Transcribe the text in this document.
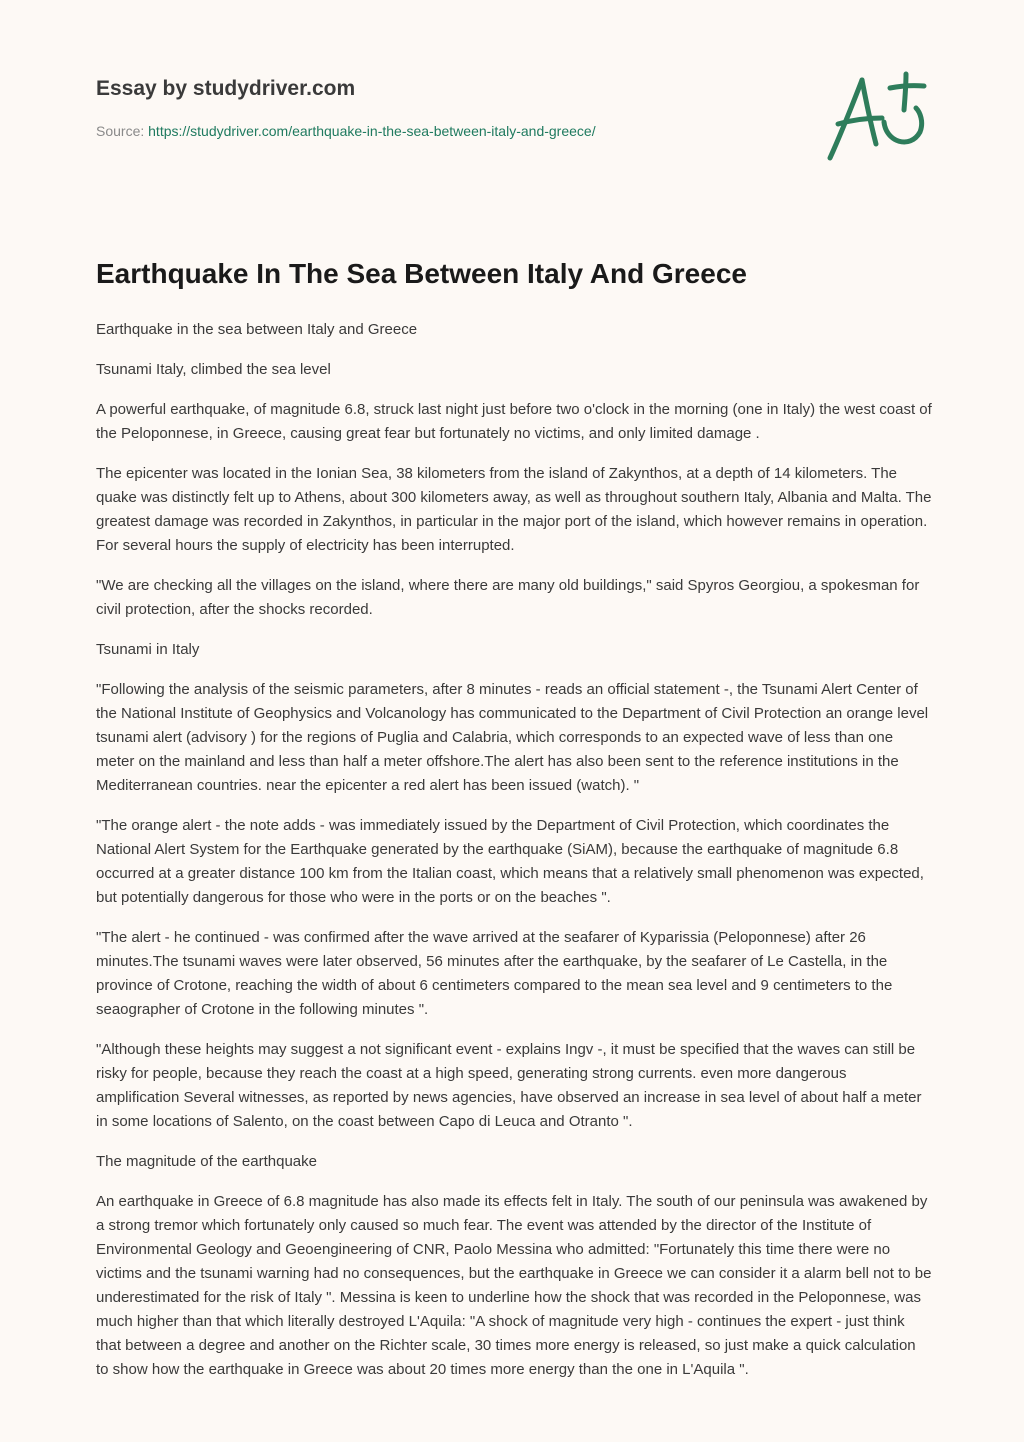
Essay by studydriver.com

Source: https://studydriver.com/earthquake-in-the-sea-between-italy-and-greece/
Earthquake In The Sea Between Italy And Greece

Earthquake in the sea between Italy and Greece

Tsunami Italy, climbed the sea level

A powerful earthquake, of magnitude 6.8, struck last night just before two o'clock in the morning (one in Italy) the west coast of the Peloponnese, in Greece, causing great fear but fortunately no victims, and only limited damage .

The epicenter was located in the Ionian Sea, 38 kilometers from the island of Zakynthos, at a depth of 14 kilometers. The quake was distinctly felt up to Athens, about 300 kilometers away, as well as throughout southern Italy, Albania and Malta. The greatest damage was recorded in Zakynthos, in particular in the major port of the island, which however remains in operation. For several hours the supply of electricity has been interrupted.

"We are checking all the villages on the island, where there are many old buildings," said Spyros Georgiou, a spokesman for civil protection, after the shocks recorded.

Tsunami in Italy

"Following the analysis of the seismic parameters, after 8 minutes - reads an official statement -, the Tsunami Alert Center of the National Institute of Geophysics and Volcanology has communicated to the Department of Civil Protection an orange level tsunami alert (advisory ) for the regions of Puglia and Calabria, which corresponds to an expected wave of less than one meter on the mainland and less than half a meter offshore.The alert has also been sent to the reference institutions in the Mediterranean countries. near the epicenter a red alert has been issued (watch). "

"The orange alert - the note adds - was immediately issued by the Department of Civil Protection, which coordinates the National Alert System for the Earthquake generated by the earthquake (SiAM), because the earthquake of magnitude 6.8 occurred at a greater distance 100 km from the Italian coast, which means that a relatively small phenomenon was expected, but potentially dangerous for those who were in the ports or on the beaches ".

"The alert - he continued - was confirmed after the wave arrived at the seafarer of Kyparissia (Peloponnese) after 26 minutes.The tsunami waves were later observed, 56 minutes after the earthquake, by the seafarer of Le Castella, in the province of Crotone, reaching the width of about 6 centimeters compared to the mean sea level and 9 centimeters to the seaographer of Crotone in the following minutes ".

"Although these heights may suggest a not significant event - explains Ingv -, it must be specified that the waves can still be risky for people, because they reach the coast at a high speed, generating strong currents. even more dangerous amplification Several witnesses, as reported by news agencies, have observed an increase in sea level of about half a meter in some locations of Salento, on the coast between Capo di Leuca and Otranto ".

The magnitude of the earthquake

An earthquake in Greece of 6.8 magnitude has also made its effects felt in Italy. The south of our peninsula was awakened by a strong tremor which fortunately only caused so much fear. The event was attended by the director of the Institute of Environmental Geology and Geoengineering of CNR, Paolo Messina who admitted: "Fortunately this time there were no victims and the tsunami warning had no consequences, but the earthquake in Greece we can consider it a alarm bell not to be underestimated for the risk of Italy ". Messina is keen to underline how the shock that was recorded in the Peloponnese, was much higher than that which literally destroyed L'Aquila: "A shock of magnitude very high - continues the expert - just think that between a degree and another on the Richter scale, 30 times more energy is released, so just make a quick calculation to show how the earthquake in Greece was about 20 times more energy than the one in L'Aquila ".
